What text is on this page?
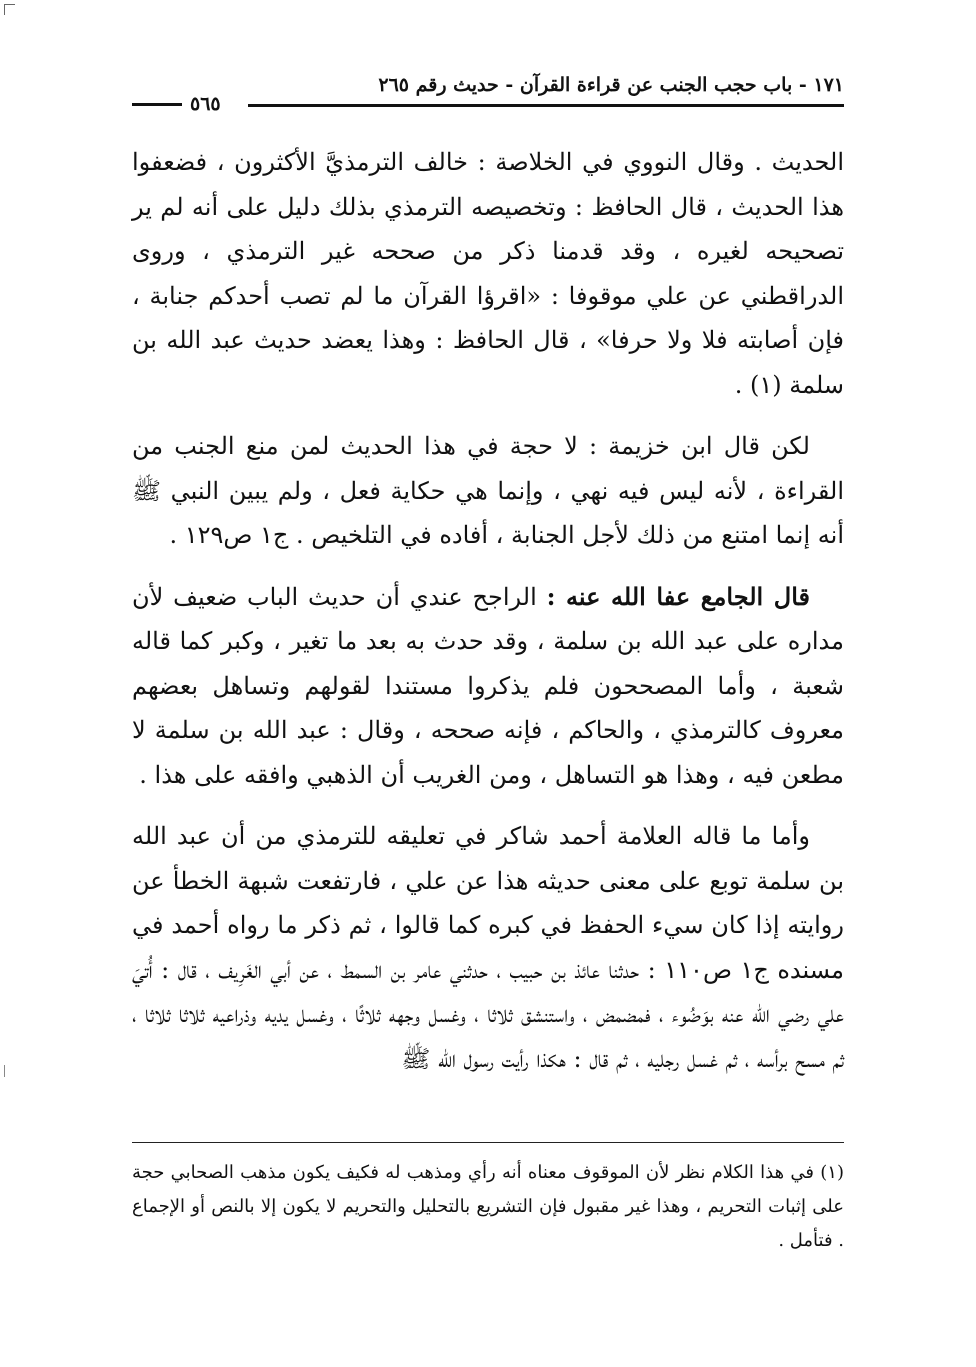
١٧١ - باب حجب الجنب عن قراءة القرآن - حديث رقم ٢٦٥
٥٦٥

الحديث . وقال النووي في الخلاصة : خالف الترمذيَّ الأكثرون ، فضعفوا هذا الحديث ، قال الحافظ : وتخصيصه الترمذي بذلك دليل على أنه لم ير تصحيحه لغيره ، وقد قدمنا ذكر من صححه غير الترمذي ، وروى الدراقطني عن علي موقوفا : «اقرؤا القرآن ما لم تصب أحدكم جنابة ، فإن أصابته فلا ولا حرفا» ، قال الحافظ : وهذا يعضد حديث عبد الله بن سلمة (١) .

لكن قال ابن خزيمة : لا حجة في هذا الحديث لمن منع الجنب من القراءة ، لأنه ليس فيه نهي ، وإنما هي حكاية فعل ، ولم يبين النبي ﷺ أنه إنما امتنع من ذلك لأجل الجنابة ، أفاده في التلخيص . ج١ ص١٢٩ .

قال الجامع عفا الله عنه : الراجح عندي أن حديث الباب ضعيف لأن مداره على عبد الله بن سلمة ، وقد حدث به بعد ما تغير ، وكبر كما قاله شعبة ، وأما المصححون فلم يذكروا مستندا لقولهم وتساهل بعضهم معروف كالترمذي ، والحاكم ، فإنه صححه ، وقال : عبد الله بن سلمة لا مطعن فيه ، وهذا هو التساهل ، ومن الغريب أن الذهبي وافقه على هذا .

وأما ما قاله العلامة أحمد شاكر في تعليقه للترمذي من أن عبد الله بن سلمة توبع على معنى حديثه هذا عن علي ، فارتفعت شبهة الخطأ عن روايته إذا كان سيء الحفظ في كبره كما قالوا ، ثم ذكر ما رواه أحمد في مسنده ج١ ص١١٠ : حدثنا عائذ بن حبيب ، حدثني عامر بن السمط ، عن أبي الغَرِيف ، قال : أُتيَ علي رضي الله عنه بوَضُوء ، فمضمض ، واستنشق ثلاثا ، وغسل وجهه ثلاثًا ، وغسل يديه وذراعيه ثلاثا ثلاثا ، ثم مسح برأسه ، ثم غسل رجليه ، ثم قال : هكذا رأيت رسول الله ﷺ

(١) في هذا الكلام نظر لأن الموقوف معناه أنه رأي ومذهب له فكيف يكون مذهب الصحابي حجة على إثبات التحريم ، وهذا غير مقبول فإن التشريع بالتحليل والتحريم لا يكون إلا بالنص أو الإجماع . فتأمل .
